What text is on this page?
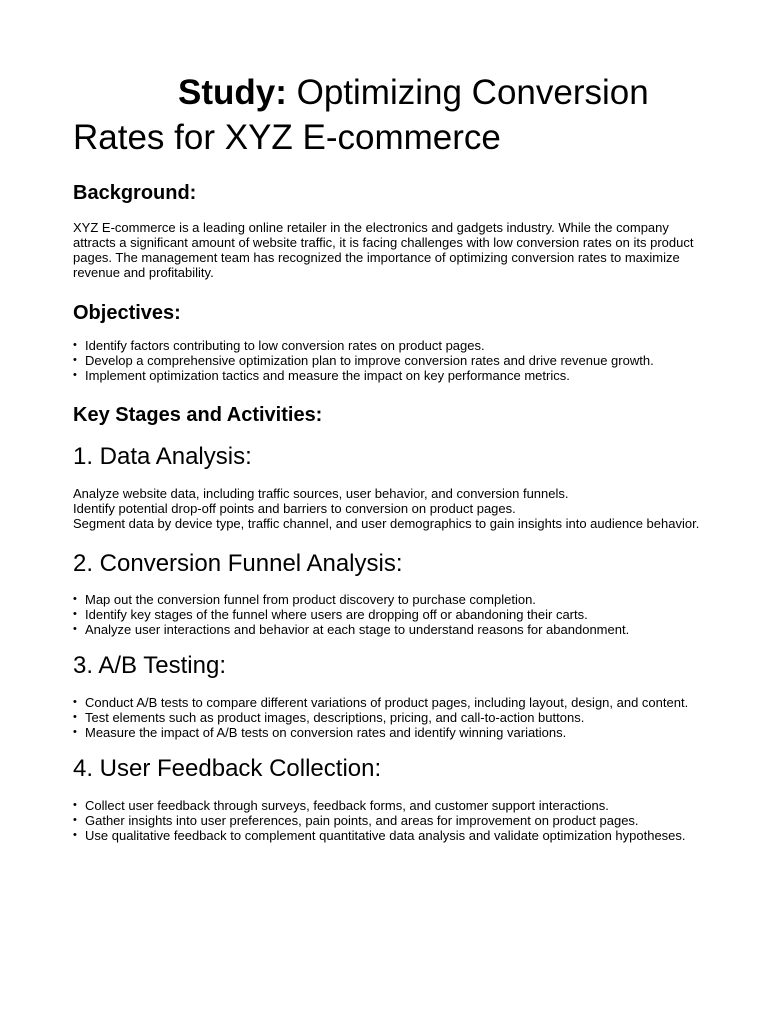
Study: Optimizing Conversion Rates for XYZ E-commerce
Background:

XYZ E-commerce is a leading online retailer in the electronics and gadgets industry. While the company attracts a significant amount of website traffic, it is facing challenges with low conversion rates on its product pages. The management team has recognized the importance of optimizing conversion rates to maximize revenue and profitability.

Objectives:
• Identify factors contributing to low conversion rates on product pages.
• Develop a comprehensive optimization plan to improve conversion rates and drive revenue growth.
• Implement optimization tactics and measure the impact on key performance metrics.
Key Stages and Activities:
1. Data Analysis:
Analyze website data, including traffic sources, user behavior, and conversion funnels.
Identify potential drop-off points and barriers to conversion on product pages.
Segment data by device type, traffic channel, and user demographics to gain insights into audience behavior.
2. Conversion Funnel Analysis:
• Map out the conversion funnel from product discovery to purchase completion.
• Identify key stages of the funnel where users are dropping off or abandoning their carts.
• Analyze user interactions and behavior at each stage to understand reasons for abandonment.
3. A/B Testing:
• Conduct A/B tests to compare different variations of product pages, including layout, design, and content.
• Test elements such as product images, descriptions, pricing, and call-to-action buttons.
• Measure the impact of A/B tests on conversion rates and identify winning variations.
4. User Feedback Collection:
• Collect user feedback through surveys, feedback forms, and customer support interactions.
• Gather insights into user preferences, pain points, and areas for improvement on product pages.
• Use qualitative feedback to complement quantitative data analysis and validate optimization hypotheses.
